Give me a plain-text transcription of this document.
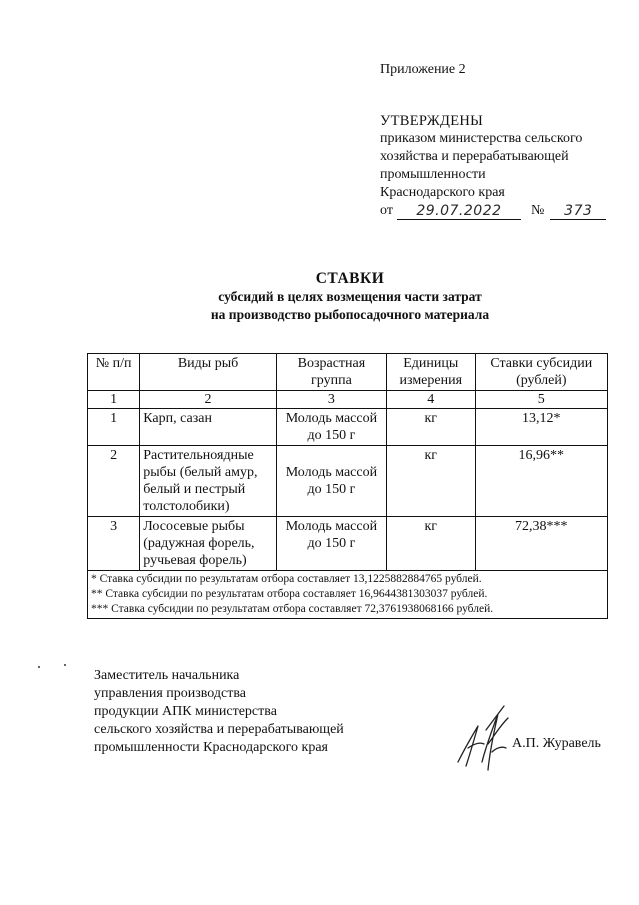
Приложение 2
УТВЕРЖДЕНЫ
приказом министерства сельского
хозяйства и перерабатывающей
промышленности
Краснодарского края
от	29.07.2022	№	373
СТАВКИ
субсидий в целях возмещения части затрат
на производство рыбопосадочного материала
№ п/п	Виды рыб	Возрастная группа	Единицы измерения	Ставки субсидии (рублей)
1	2	3	4	5
1	Карп, сазан	Молодь массой до 150 г	кг	13,12*
2	Растительноядные рыбы (белый амур, белый и пестрый толстолобики)	Молодь массой до 150 г	кг	16,96**
3	Лососевые рыбы (радужная форель, ручьевая форель)	Молодь массой до 150 г	кг	72,38***

* Ставка субсидии по результатам отбора составляет 13,1225882884765 рублей.
** Ставка субсидии по результатам отбора составляет 16,9644381303037 рублей.
*** Ставка субсидии по результатам отбора составляет 72,3761938068166 рублей.				
Заместитель начальника
управления производства
продукции АПК министерства
сельского хозяйства и перерабатывающей
промышленности Краснодарского края	А.П. Журавель
